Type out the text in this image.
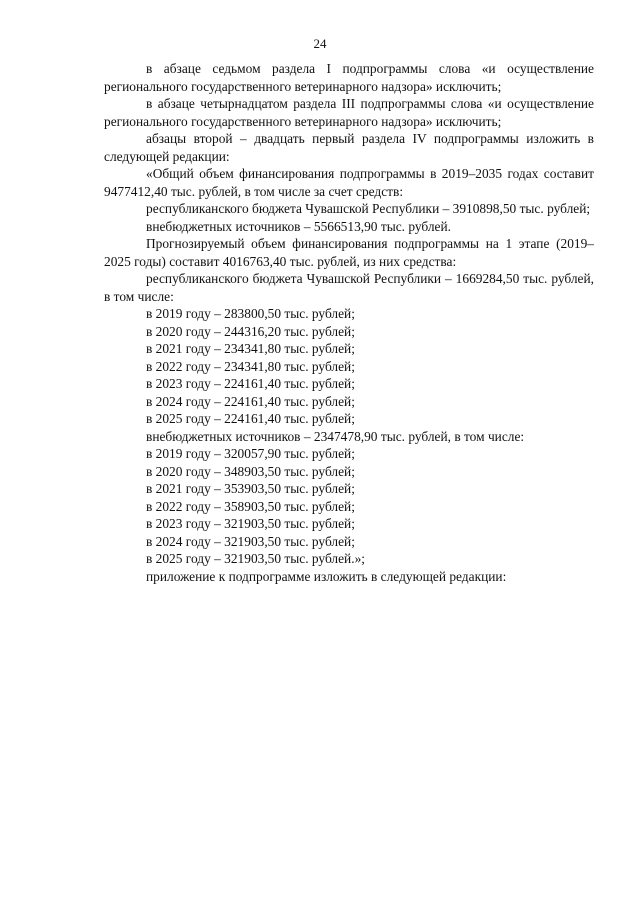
24

в абзаце седьмом раздела I подпрограммы слова «и осуществление регионального государственного ветеринарного надзора» исключить;

в абзаце четырнадцатом раздела III подпрограммы слова «и осуществление регионального государственного ветеринарного надзора» исключить;

абзацы второй – двадцать первый раздела IV подпрограммы изложить в следующей редакции:

«Общий объем финансирования подпрограммы в 2019–2035 годах составит 9477412,40 тыс. рублей, в том числе за счет средств:

республиканского бюджета Чувашской Республики – 3910898,50 тыс. рублей;

внебюджетных источников – 5566513,90 тыс. рублей.

Прогнозируемый объем финансирования подпрограммы на 1 этапе (2019–2025 годы) составит 4016763,40 тыс. рублей, из них средства:

республиканского бюджета Чувашской Республики – 1669284,50 тыс. рублей, в том числе:

в 2019 году – 283800,50 тыс. рублей;

в 2020 году – 244316,20 тыс. рублей;

в 2021 году – 234341,80 тыс. рублей;

в 2022 году – 234341,80 тыс. рублей;

в 2023 году – 224161,40 тыс. рублей;

в 2024 году – 224161,40 тыс. рублей;

в 2025 году – 224161,40 тыс. рублей;

внебюджетных источников – 2347478,90 тыс. рублей, в том числе:

в 2019 году – 320057,90 тыс. рублей;

в 2020 году – 348903,50 тыс. рублей;

в 2021 году – 353903,50 тыс. рублей;

в 2022 году – 358903,50 тыс. рублей;

в 2023 году – 321903,50 тыс. рублей;

в 2024 году – 321903,50 тыс. рублей;

в 2025 году – 321903,50 тыс. рублей.»;

приложение к подпрограмме изложить в следующей редакции:
